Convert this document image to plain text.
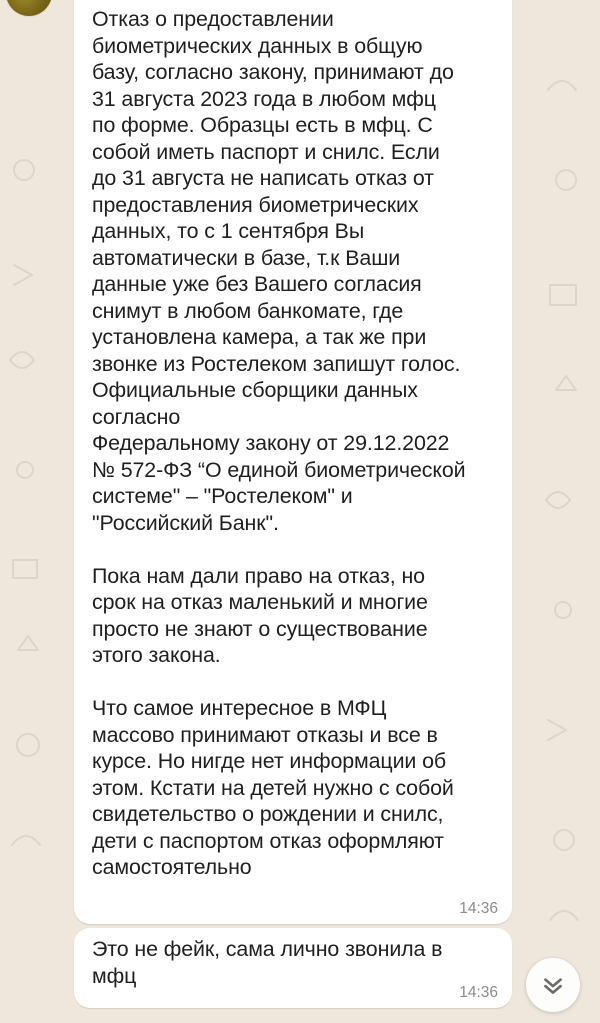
Отказ о предоставлении
биометрических данных в общую
базу, согласно закону, принимают до
31 августа 2023 года в любом мфц
по форме. Образцы есть в мфц. С
собой иметь паспорт и снилс. Если
до 31 августа не написать отказ от
предоставления биометрических
данных, то с 1 сентября Вы
автоматически в базе, т.к Ваши
данные уже без Вашего согласия
снимут в любом банкомате, где
установлена камера, а так же при
звонке из Ростелеком запишут голос.
Официальные сборщики данных
согласно
Федеральному закону от 29.12.2022
№ 572-ФЗ “О единой биометрической
системе" – "Ростелеком" и
"Российский Банк".

Пока нам дали право на отказ, но
срок на отказ маленький и многие
просто не знают о существование
этого закона.

Что самое интересное в МФЦ
массово принимают отказы и все в
курсе. Но нигде нет информации об
этом. Кстати на детей нужно с собой
свидетельство о рождении и снилс,
дети с паспортом отказ оформляют
самостоятельно
14:36
Это не фейк, сама лично звонила в
мфц
14:36
